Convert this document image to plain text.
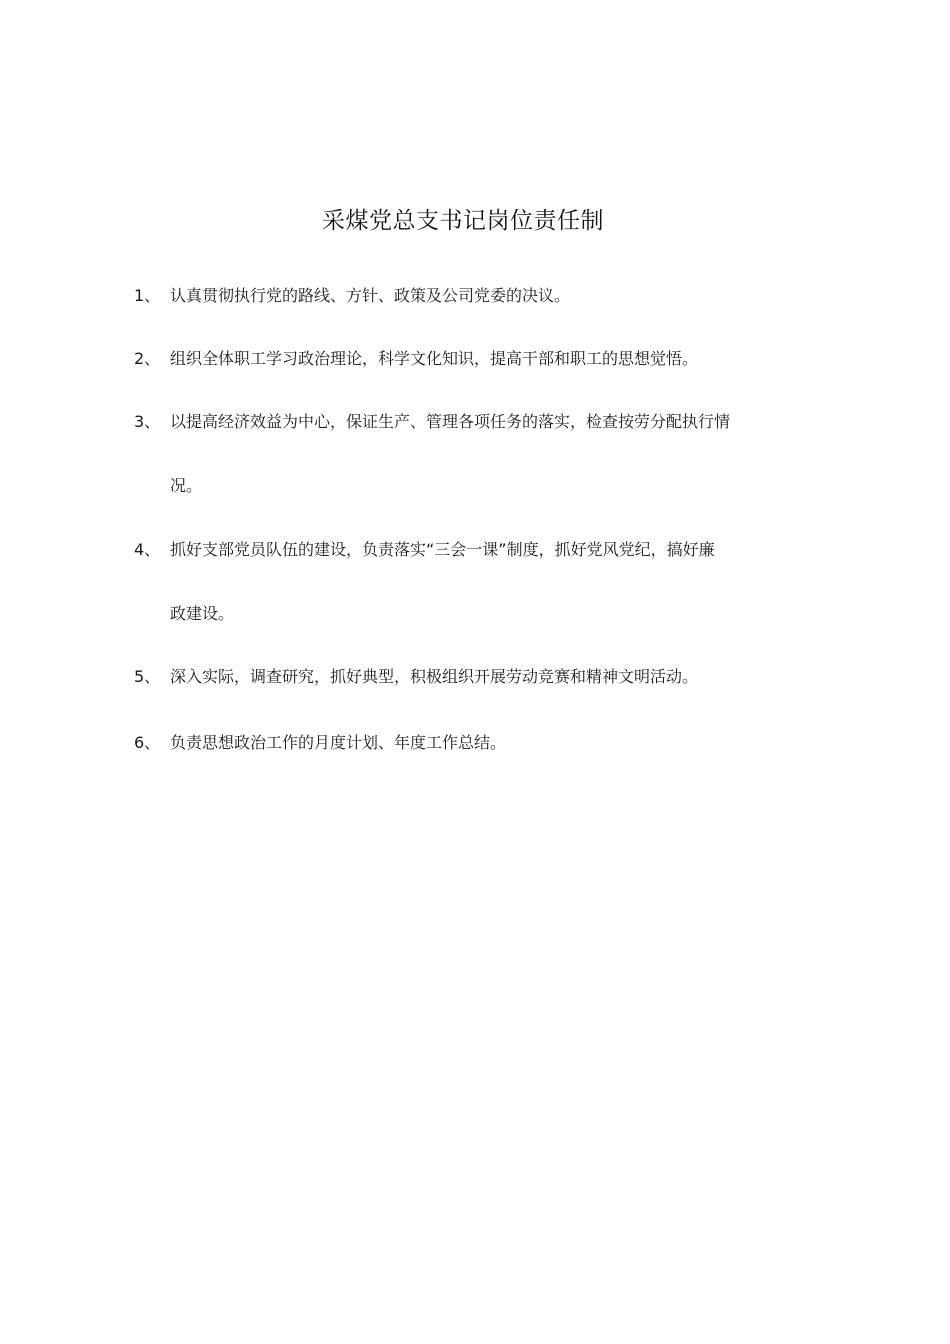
采煤党总支书记岗位责任制
1、 认真贯彻执行党的路线、方针、政策及公司党委的决议。
2、 组织全体职工学习政治理论，科学文化知识，提高干部和职工的思想觉悟。
3、 以提高经济效益为中心，保证生产、管理各项任务的落实，检查按劳分配执行情
况。
4、 抓好支部党员队伍的建设，负责落实“三会一课”制度，抓好党风党纪，搞好廉
政建设。
5、 深入实际，调查研究，抓好典型，积极组织开展劳动竞赛和精神文明活动。
6、 负责思想政治工作的月度计划、年度工作总结。
